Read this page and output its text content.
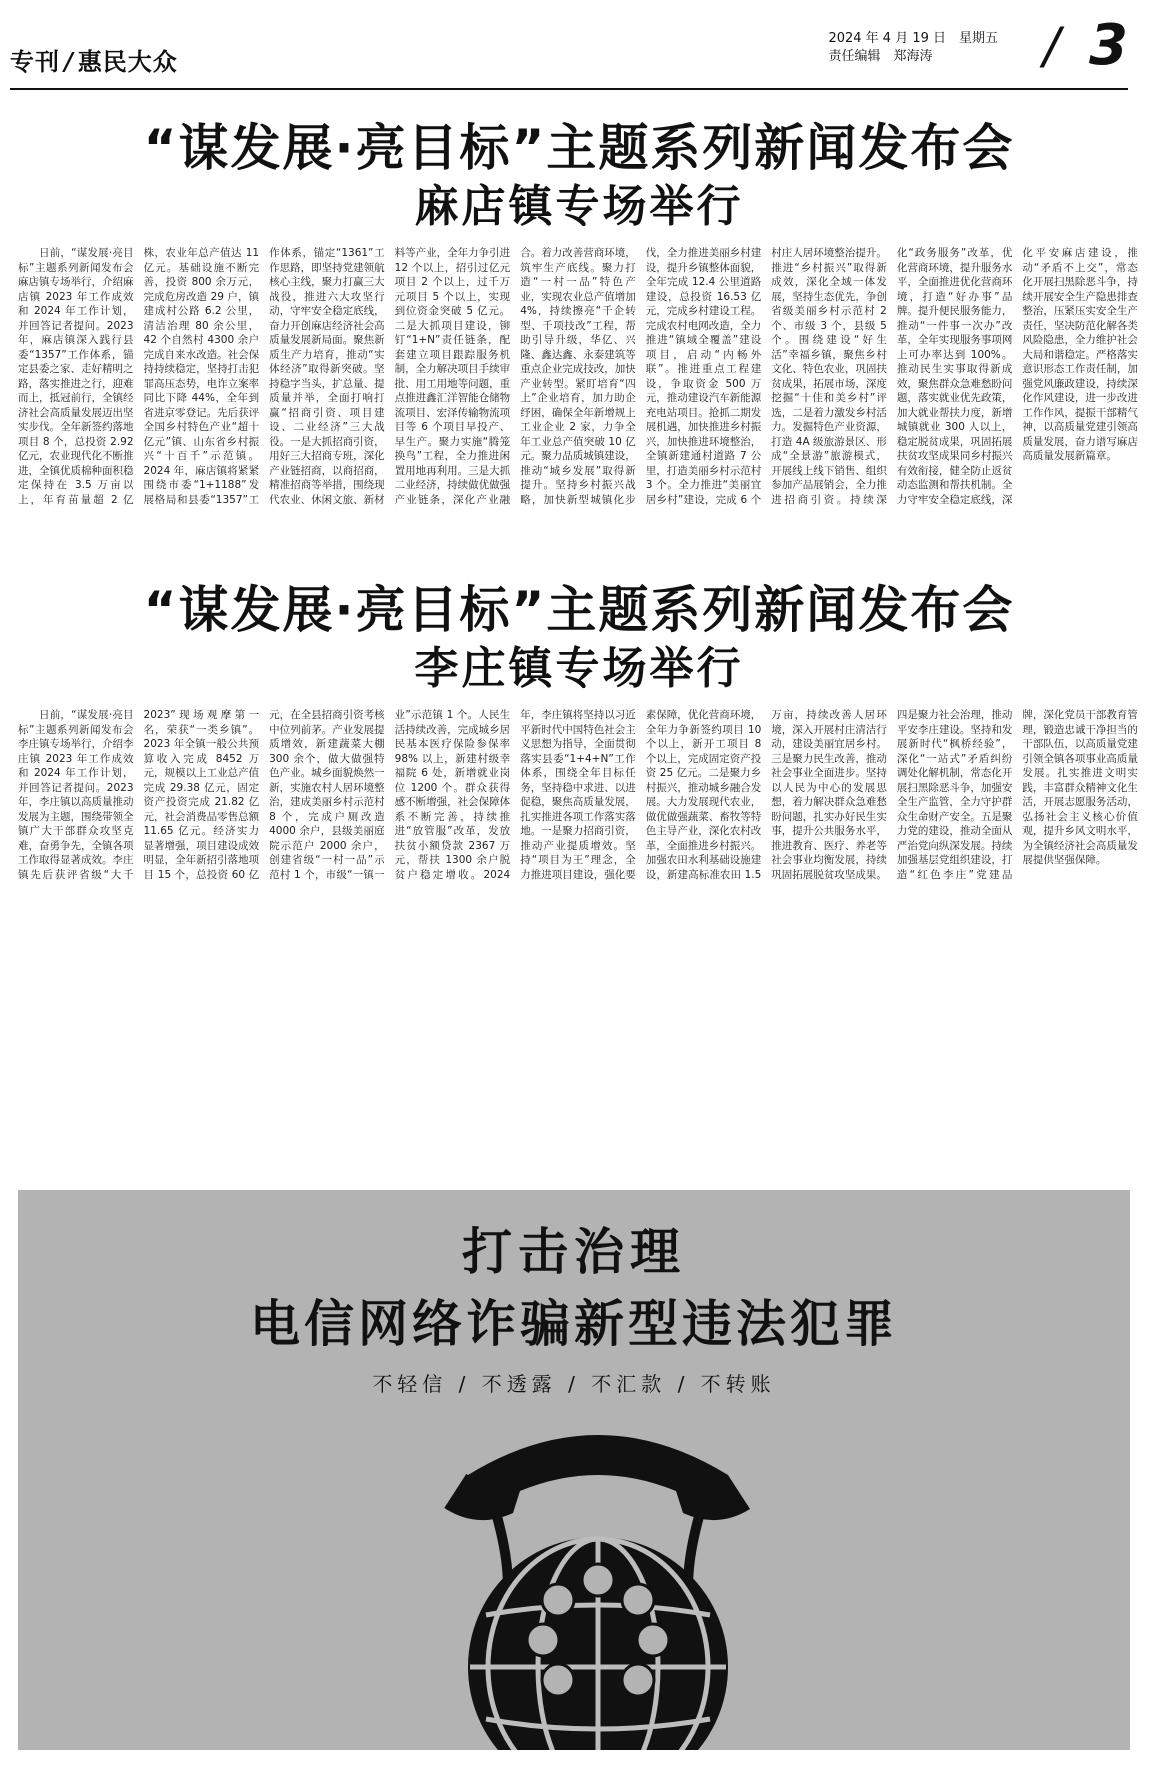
专刊 / 惠民大众
2024 年 4 月 19 日　星期五
责任编辑　郑海涛	/ 3
“谋发展·亮目标”主题系列新闻发布会
麻店镇专场举行

日前，“谋发展·亮目标”主题系列新闻发布会麻店镇专场举行，介绍麻店镇 2023 年工作成效和 2024 年工作计划，并回答记者提问。2023 年，麻店镇深入践行县委“1357”工作体系，锚定县委之家、走好精明之路，落实推进之行，迎难而上，抵冠前行，全镇经济社会高质量发展迈出坚实步伐。全年新签约落地项目 8 个，总投资 2.92 亿元，农业现代化不断推进，全镇优质棉种面积稳定保持在 3.5 万亩以上，年育苗量超 2 亿株，农业年总产值达 11 亿元。基础设施不断完善，投资 800 余万元，完成危房改造 29 户，镇建成村公路 6.2 公里，清洁治理 80 余公里，42 个自然村 4300 余户完成自来水改造。社会保持持续稳定，坚持打击犯罪高压态势，电诈立案率同比下降 44%，全年到省进京零登记。先后获评全国乡村特色产业“超十亿元”镇、山东省乡村振兴“十百千”示范镇。2024 年，麻店镇将紧紧围绕市委“1+1188”发展格局和县委“1357”工作体系，锚定“1361”工作思路，即坚持党建领航核心主线，聚力打赢三大战役，推进六大攻坚行动，守牢安全稳定底线，奋力开创麻店经济社会高质量发展新局面。聚焦新质生产力培育，推动“实体经济”取得新突破。坚持稳字当头，扩总量、提质量并举，全面打响打赢“招商引资、项目建设、二业经济”三大战役。一是大抓招商引资，用好三大招商专班，深化产业链招商，以商招商，精准招商等举措，围绕现代农业、休闲文旅、新材料等产业，全年力争引进 12 个以上，招引过亿元项目 2 个以上，过千万元项目 5 个以上，实现到位资金突破 5 亿元。二是大抓项目建设，铆钉“1+N”责任链条，配套建立项目跟踪服务机制，全力解决项目手续审批、用工用地等问题，重点推进鑫汇洋智能仓储物流项目、宏泽传输物流项目等 6 个项目早投产、早生产。聚力实施“腾笼换鸟”工程，全力推进闲置用地再利用。三是大抓二业经济，持续做优做强产业链条，深化产业融合。着力改善营商环境，筑牢生产底线。聚力打造“一村一品”特色产业，实现农业总产值增加 4%，持续擦亮“千企转型、千项技改”工程，帮助引导升级，华亿、兴隆、鑫达鑫、永泰建筑等重点企业完成技改，加快产业转型。紧盯培育“四上”企业培育，加力助企纾困，确保全年新增规上工业企业 2 家，力争全年工业总产值突破 10 亿元。聚力品质城镇建设，推动“城乡发展”取得新提升。坚持乡村振兴战略，加快新型城镇化步伐，全力推进美丽乡村建设，提升乡镇整体面貌，全年完成 12.4 公里道路建设，总投资 16.53 亿元，完成乡村建设工程。完成农村电网改造，全力推进“镇域全覆盖”建设项目，启动“内畅外联”。推进重点工程建设，争取资金 500 万元，推动建设汽车新能源充电站项目。抢抓二期发展机遇，加快推进乡村振兴，加快推进环境整治，全镇新建通村道路 7 公里，打造美丽乡村示范村 3 个。全力推进“美丽宜居乡村”建设，完成 6 个村庄人居环境整治提升。推进“乡村振兴”取得新成效，深化全域一体发展，坚持生态优先，争创省级美丽乡村示范村 2 个、市级 3 个，县级 5 个。围绕建设“好生活”幸福乡镇，聚焦乡村文化、特色农业，巩固扶贫成果，拓展市场，深度挖掘“十佳和美乡村”评选，二是着力激发乡村活力。发掘特色产业资源，打造 4A 级旅游景区、形成“全景游”旅游模式，开展线上线下销售、组织参加产品展销会，全力推进招商引资。持续深化“政务服务”改革，优化营商环境，提升服务水平，全面推进优化营商环境，打造“好办事”品牌。提升便民服务能力，推动“一件事一次办”改革，全年实现服务事项网上可办率达到 100%。推动民生实事取得新成效，聚焦群众急难愁盼问题，落实就业优先政策，加大就业帮扶力度，新增城镇就业 300 人以上，稳定脱贫成果，巩固拓展扶贫攻坚成果同乡村振兴有效衔接，健全防止返贫动态监测和帮扶机制。全力守牢安全稳定底线，深化平安麻店建设，推动“矛盾不上交”，常态化开展扫黑除恶斗争，持续开展安全生产隐患排查整治，压紧压实安全生产责任，坚决防范化解各类风险隐患，全力维护社会大局和谐稳定。严格落实意识形态工作责任制，加强党风廉政建设，持续深化作风建设，进一步改进工作作风，提振干部精气神，以高质量党建引领高质量发展，奋力谱写麻店高质量发展新篇章。

“谋发展·亮目标”主题系列新闻发布会
李庄镇专场举行

日前，“谋发展·亮目标”主题系列新闻发布会李庄镇专场举行，介绍李庄镇 2023 年工作成效和 2024 年工作计划，并回答记者提问。2023 年，李庄镇以高质量推动发展为主题，围绕带领全镇广大干部群众攻坚克难，奋勇争先，全镇各项工作取得显著成效。李庄镇先后获评省级“大千 2023”现场观摩第一名，荣获“一类乡镇”。2023 年全镇一般公共预算收入完成 8452 万元，规模以上工业总产值完成 29.38 亿元，固定资产投资完成 21.82 亿元，社会消费品零售总额 11.65 亿元。经济实力显著增强，项目建设成效明显，全年新招引落地项目 15 个，总投资 60 亿元，在全县招商引资考核中位列前茅。产业发展提质增效，新建蔬菜大棚 300 余个，做大做强特色产业。城乡面貌焕然一新，实施农村人居环境整治，建成美丽乡村示范村 8 个，完成户厕改造 4000 余户，县级美丽庭院示范户 2000 余户，创建省级“一村一品”示范村 1 个，市级“一镇一业”示范镇 1 个。人民生活持续改善，完成城乡居民基本医疗保险参保率 98% 以上，新建村级幸福院 6 处，新增就业岗位 1200 个。群众获得感不断增强，社会保障体系不断完善，持续推进“放管服”改革，发放扶贫小额贷款 2367 万元，帮扶 1300 余户脱贫户稳定增收。2024 年，李庄镇将坚持以习近平新时代中国特色社会主义思想为指导，全面贯彻落实县委“1+4+N”工作体系，围绕全年目标任务，坚持稳中求进、以进促稳，聚焦高质量发展，扎实推进各项工作落实落地。一是聚力招商引资，推动产业提质增效。坚持“项目为王”理念，全力推进项目建设，强化要素保障，优化营商环境，全年力争新签约项目 10 个以上，新开工项目 8 个以上，完成固定资产投资 25 亿元。二是聚力乡村振兴，推动城乡融合发展。大力发展现代农业，做优做强蔬菜、畜牧等特色主导产业，深化农村改革，全面推进乡村振兴。加强农田水利基础设施建设，新建高标准农田 1.5 万亩，持续改善人居环境，深入开展村庄清洁行动，建设美丽宜居乡村。三是聚力民生改善，推动社会事业全面进步。坚持以人民为中心的发展思想，着力解决群众急难愁盼问题，扎实办好民生实事，提升公共服务水平，推进教育、医疗、养老等社会事业均衡发展，持续巩固拓展脱贫攻坚成果。四是聚力社会治理，推动平安李庄建设。坚持和发展新时代“枫桥经验”，深化“一站式”矛盾纠纷调处化解机制，常态化开展扫黑除恶斗争，加强安全生产监管，全力守护群众生命财产安全。五是聚力党的建设，推动全面从严治党向纵深发展。持续加强基层党组织建设，打造“红色李庄”党建品牌，深化党员干部教育管理，锻造忠诚干净担当的干部队伍，以高质量党建引领全镇各项事业高质量发展。扎实推进文明实践，丰富群众精神文化生活，开展志愿服务活动，弘扬社会主义核心价值观，提升乡风文明水平，为全镇经济社会高质量发展提供坚强保障。

打击治理
电信网络诈骗新型违法犯罪
不轻信 / 不透露 / 不汇款 / 不转账
